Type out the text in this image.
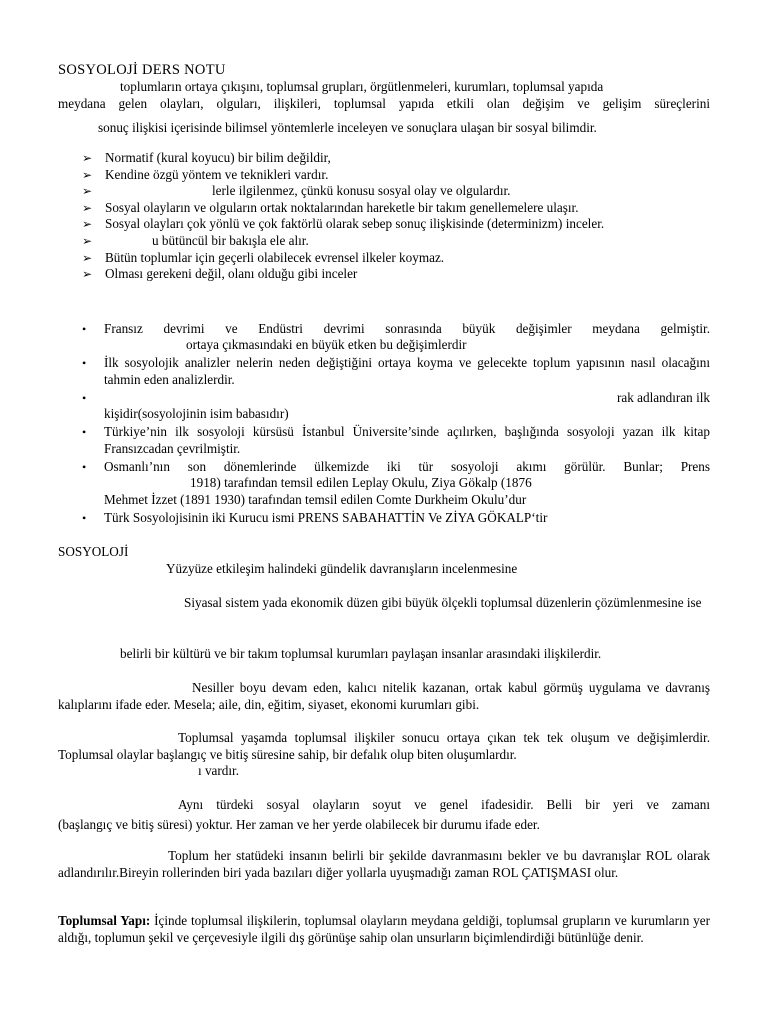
SOSYOLOJİ DERS NOTU
toplumların ortaya çıkışını, toplumsal grupları, örgütlenmeleri, kurumları, toplumsal yapıda
meydana gelen olayları, olguları, ilişkileri, toplumsal yapıda etkili olan değişim ve gelişim süreçlerini
sonuç ilişkisi içerisinde bilimsel yöntemlerle inceleyen ve sonuçlara ulaşan bir sosyal bilimdir.
➢ Normatif (kural koyucu) bir bilim değildir,
➢ Kendine özgü yöntem ve teknikleri vardır.
➢	lerle ilgilenmez, çünkü konusu sosyal olay ve olgulardır.
➢ Sosyal olayların ve olguların ortak noktalarından hareketle bir takım genellemelere ulaşır.
➢ Sosyal olayları çok yönlü ve çok faktörlü olarak sebep sonuç ilişkisinde (determinizm) inceler.
➢	u bütüncül bir bakışla ele alır.
➢ Bütün toplumlar için geçerli olabilecek evrensel ilkeler koymaz.
➢ Olması gerekeni değil, olanı olduğu gibi inceler
• Fransız devrimi ve Endüstri devrimi sonrasında büyük değişimler meydana gelmiştir.
ortaya çıkmasındaki en büyük etken bu değişimlerdir
• İlk sosyolojik analizler nelerin neden değiştiğini ortaya koyma ve gelecekte toplum yapısının nasıl olacağını tahmin eden analizlerdir.
•	rak adlandıran ilk
kişidir(sosyolojinin isim babasıdır)
• Türkiye’nin ilk sosyoloji kürsüsü İstanbul Üniversite’sinde açılırken, başlığında sosyoloji yazan ilk kitap Fransızcadan çevrilmiştir.
• Osmanlı’nın son dönemlerinde ülkemizde iki tür sosyoloji akımı görülür. Bunlar; Prens
1918) tarafından temsil edilen Leplay Okulu, Ziya Gökalp (1876
Mehmet İzzet (1891 1930) tarafından temsil edilen Comte Durkheim Okulu’dur
• Türk Sosyolojisinin iki Kurucu ismi PRENS SABAHATTİN Ve ZİYA GÖKALP‘tir
SOSYOLOJİ
Yüzyüze etkileşim halindeki gündelik davranışların incelenmesine
Siyasal sistem yada ekonomik düzen gibi büyük ölçekli toplumsal düzenlerin çözümlenmesine ise
belirli bir kültürü ve bir takım toplumsal kurumları paylaşan insanlar arasındaki ilişkilerdir.
Nesiller boyu devam eden, kalıcı nitelik kazanan, ortak kabul görmüş uygulama ve davranış kalıplarını ifade eder. Mesela; aile, din, eğitim, siyaset, ekonomi kurumları gibi.
Toplumsal yaşamda toplumsal ilişkiler sonucu ortaya çıkan tek tek oluşum ve değişimlerdir. Toplumsal olaylar başlangıç ve bitiş süresine sahip, bir defalık olup biten oluşumlardır.
ı vardır.
Aynı türdeki sosyal olayların soyut ve genel ifadesidir. Belli bir yeri ve zamanı
(başlangıç ve bitiş süresi) yoktur. Her zaman ve her yerde olabilecek bir durumu ifade eder.
Toplum her statüdeki insanın belirli bir şekilde davranmasını bekler ve bu davranışlar ROL olarak adlandırılır.Bireyin rollerinden biri yada bazıları diğer yollarla uyuşmadığı zaman ROL ÇATIŞMASI olur.
Toplumsal Yapı: İçinde toplumsal ilişkilerin, toplumsal olayların meydana geldiği, toplumsal grupların ve kurumların yer aldığı, toplumun şekil ve çerçevesiyle ilgili dış görünüşe sahip olan unsurların biçimlendirdiği bütünlüğe denir.
